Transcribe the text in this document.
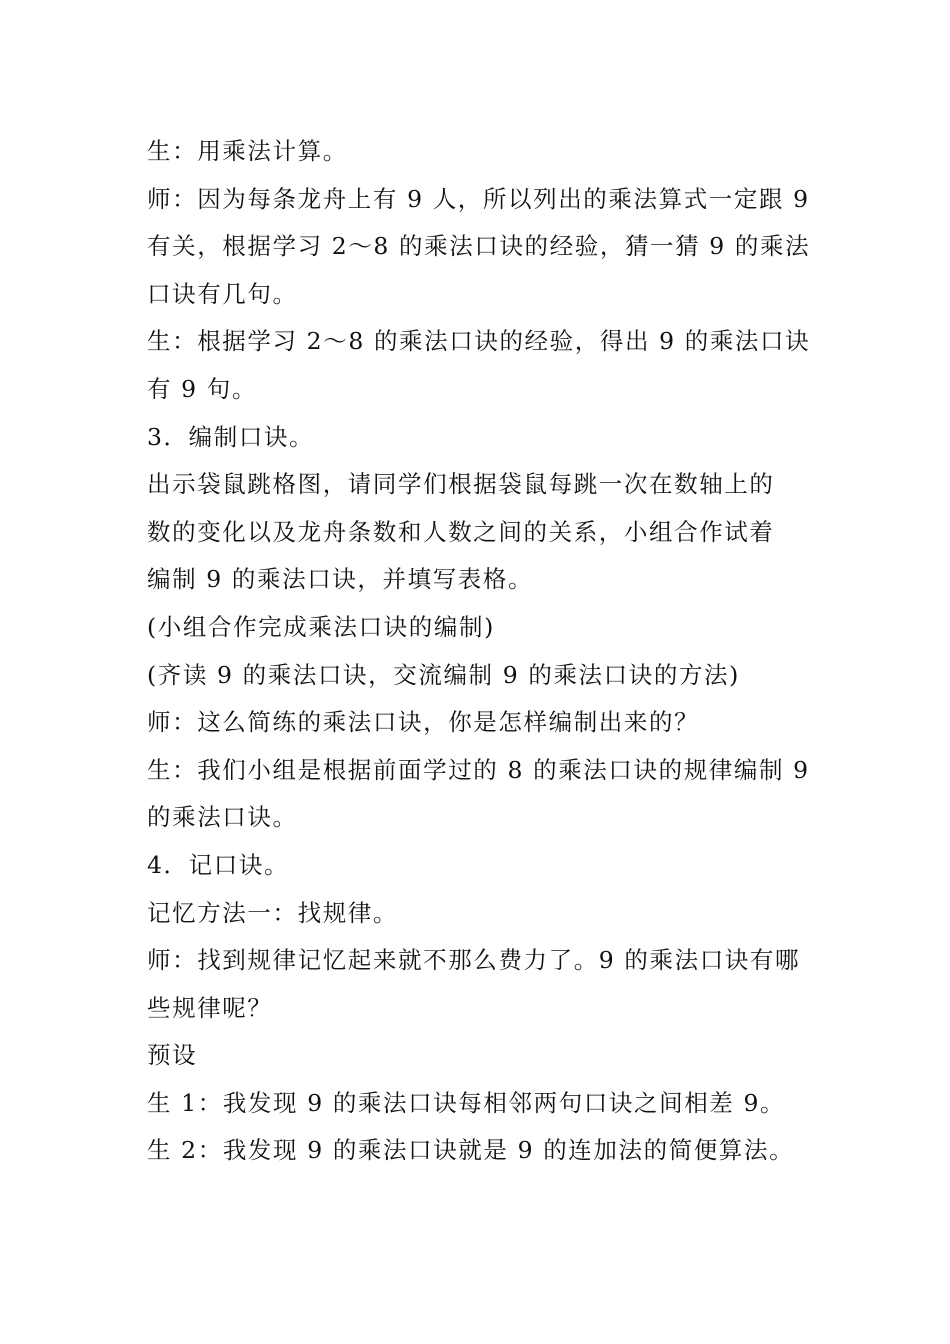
生：用乘法计算。
师：因为每条龙舟上有 9 人，所以列出的乘法算式一定跟 9
有关，根据学习 2～8 的乘法口诀的经验，猜一猜 9 的乘法
口诀有几句。
生：根据学习 2～8 的乘法口诀的经验，得出 9 的乘法口诀
有 9 句。
3．编制口诀。
出示袋鼠跳格图，请同学们根据袋鼠每跳一次在数轴上的
数的变化以及龙舟条数和人数之间的关系，小组合作试着
编制 9 的乘法口诀，并填写表格。
(小组合作完成乘法口诀的编制)
(齐读 9 的乘法口诀，交流编制 9 的乘法口诀的方法)
师：这么简练的乘法口诀，你是怎样编制出来的？
生：我们小组是根据前面学过的 8 的乘法口诀的规律编制 9
的乘法口诀。
4．记口诀。
记忆方法一：找规律。
师：找到规律记忆起来就不那么费力了。9 的乘法口诀有哪
些规律呢？
预设
生 1：我发现 9 的乘法口诀每相邻两句口诀之间相差 9。
生 2：我发现 9 的乘法口诀就是 9 的连加法的简便算法。
